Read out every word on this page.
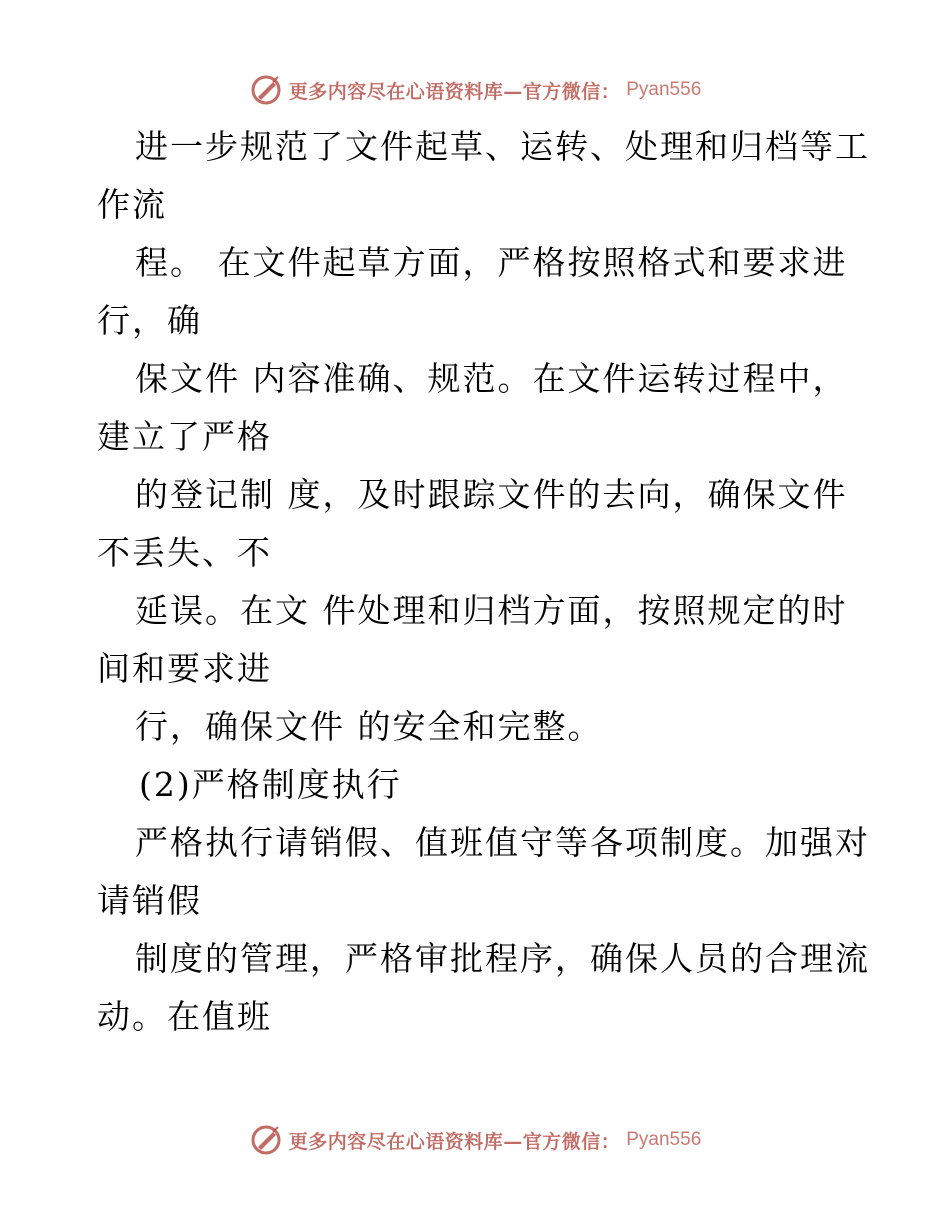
更多内容尽在心语资料库—官方微信： Pyan556
进一步规范了文件起草、运转、处理和归档等工
作流
程。 在文件起草方面，严格按照格式和要求进
行，确
保文件 内容准确、规范。在文件运转过程中，
建立了严格
的登记制 度，及时跟踪文件的去向，确保文件
不丢失、不
延误。在文 件处理和归档方面，按照规定的时
间和要求进
行，确保文件 的安全和完整。
(2)严格制度执行
严格执行请销假、值班值守等各项制度。加强对
请销假
制度的管理，严格审批程序，确保人员的合理流
动。在值班
更多内容尽在心语资料库—官方微信： Pyan556
